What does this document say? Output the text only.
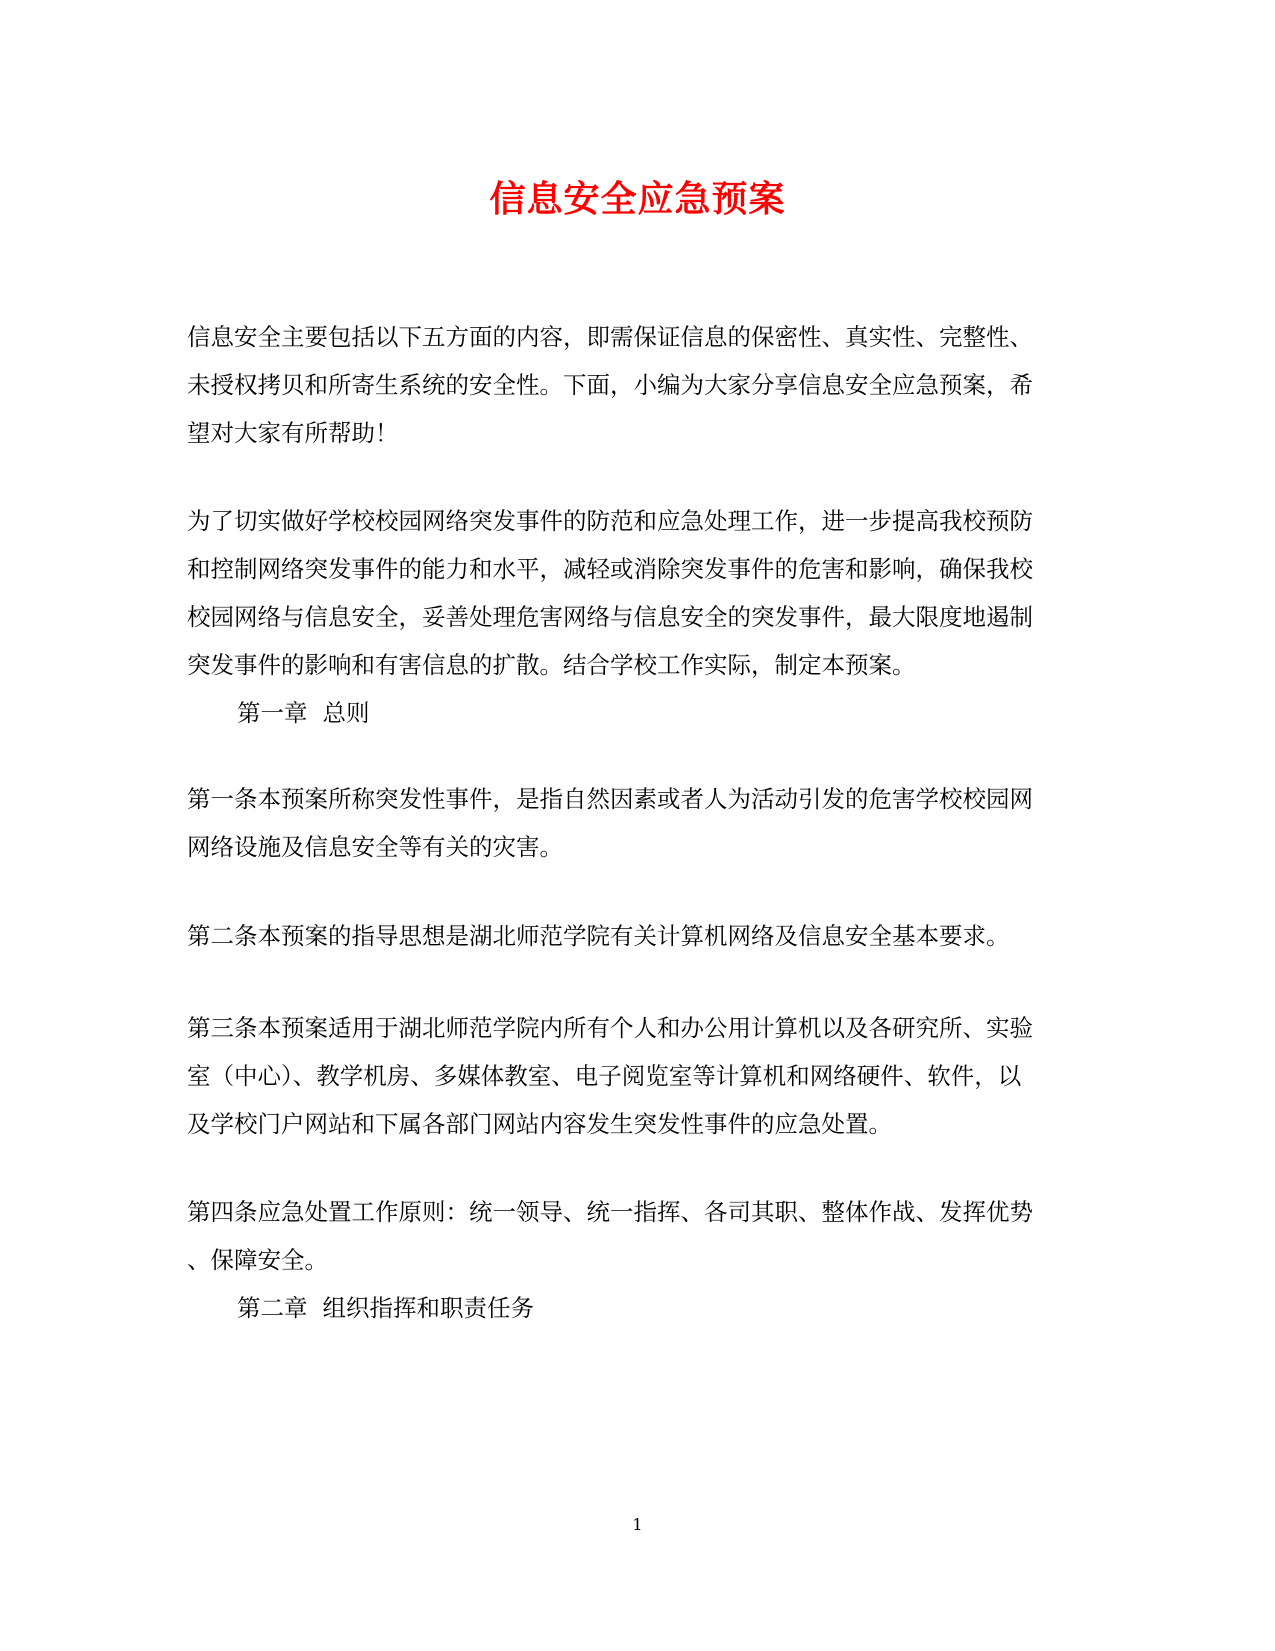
信息安全应急预案

信息安全主要包括以下五方面的内容，即需保证信息的保密性、真实性、完整性、

未授权拷贝和所寄生系统的安全性。下面，小编为大家分享信息安全应急预案，希

望对大家有所帮助！

为了切实做好学校校园网络突发事件的防范和应急处理工作，进一步提高我校预防

和控制网络突发事件的能力和水平，减轻或消除突发事件的危害和影响，确保我校

校园网络与信息安全，妥善处理危害网络与信息安全的突发事件，最大限度地遏制

突发事件的影响和有害信息的扩散。结合学校工作实际，制定本预案。

第一章  总则

第一条本预案所称突发性事件，是指自然因素或者人为活动引发的危害学校校园网

网络设施及信息安全等有关的灾害。

第二条本预案的指导思想是湖北师范学院有关计算机网络及信息安全基本要求。

第三条本预案适用于湖北师范学院内所有个人和办公用计算机以及各研究所、实验

室（中心）、教学机房、多媒体教室、电子阅览室等计算机和网络硬件、软件，以

及学校门户网站和下属各部门网站内容发生突发性事件的应急处置。

第四条应急处置工作原则：统一领导、统一指挥、各司其职、整体作战、发挥优势

、保障安全。

第二章  组织指挥和职责任务

1
